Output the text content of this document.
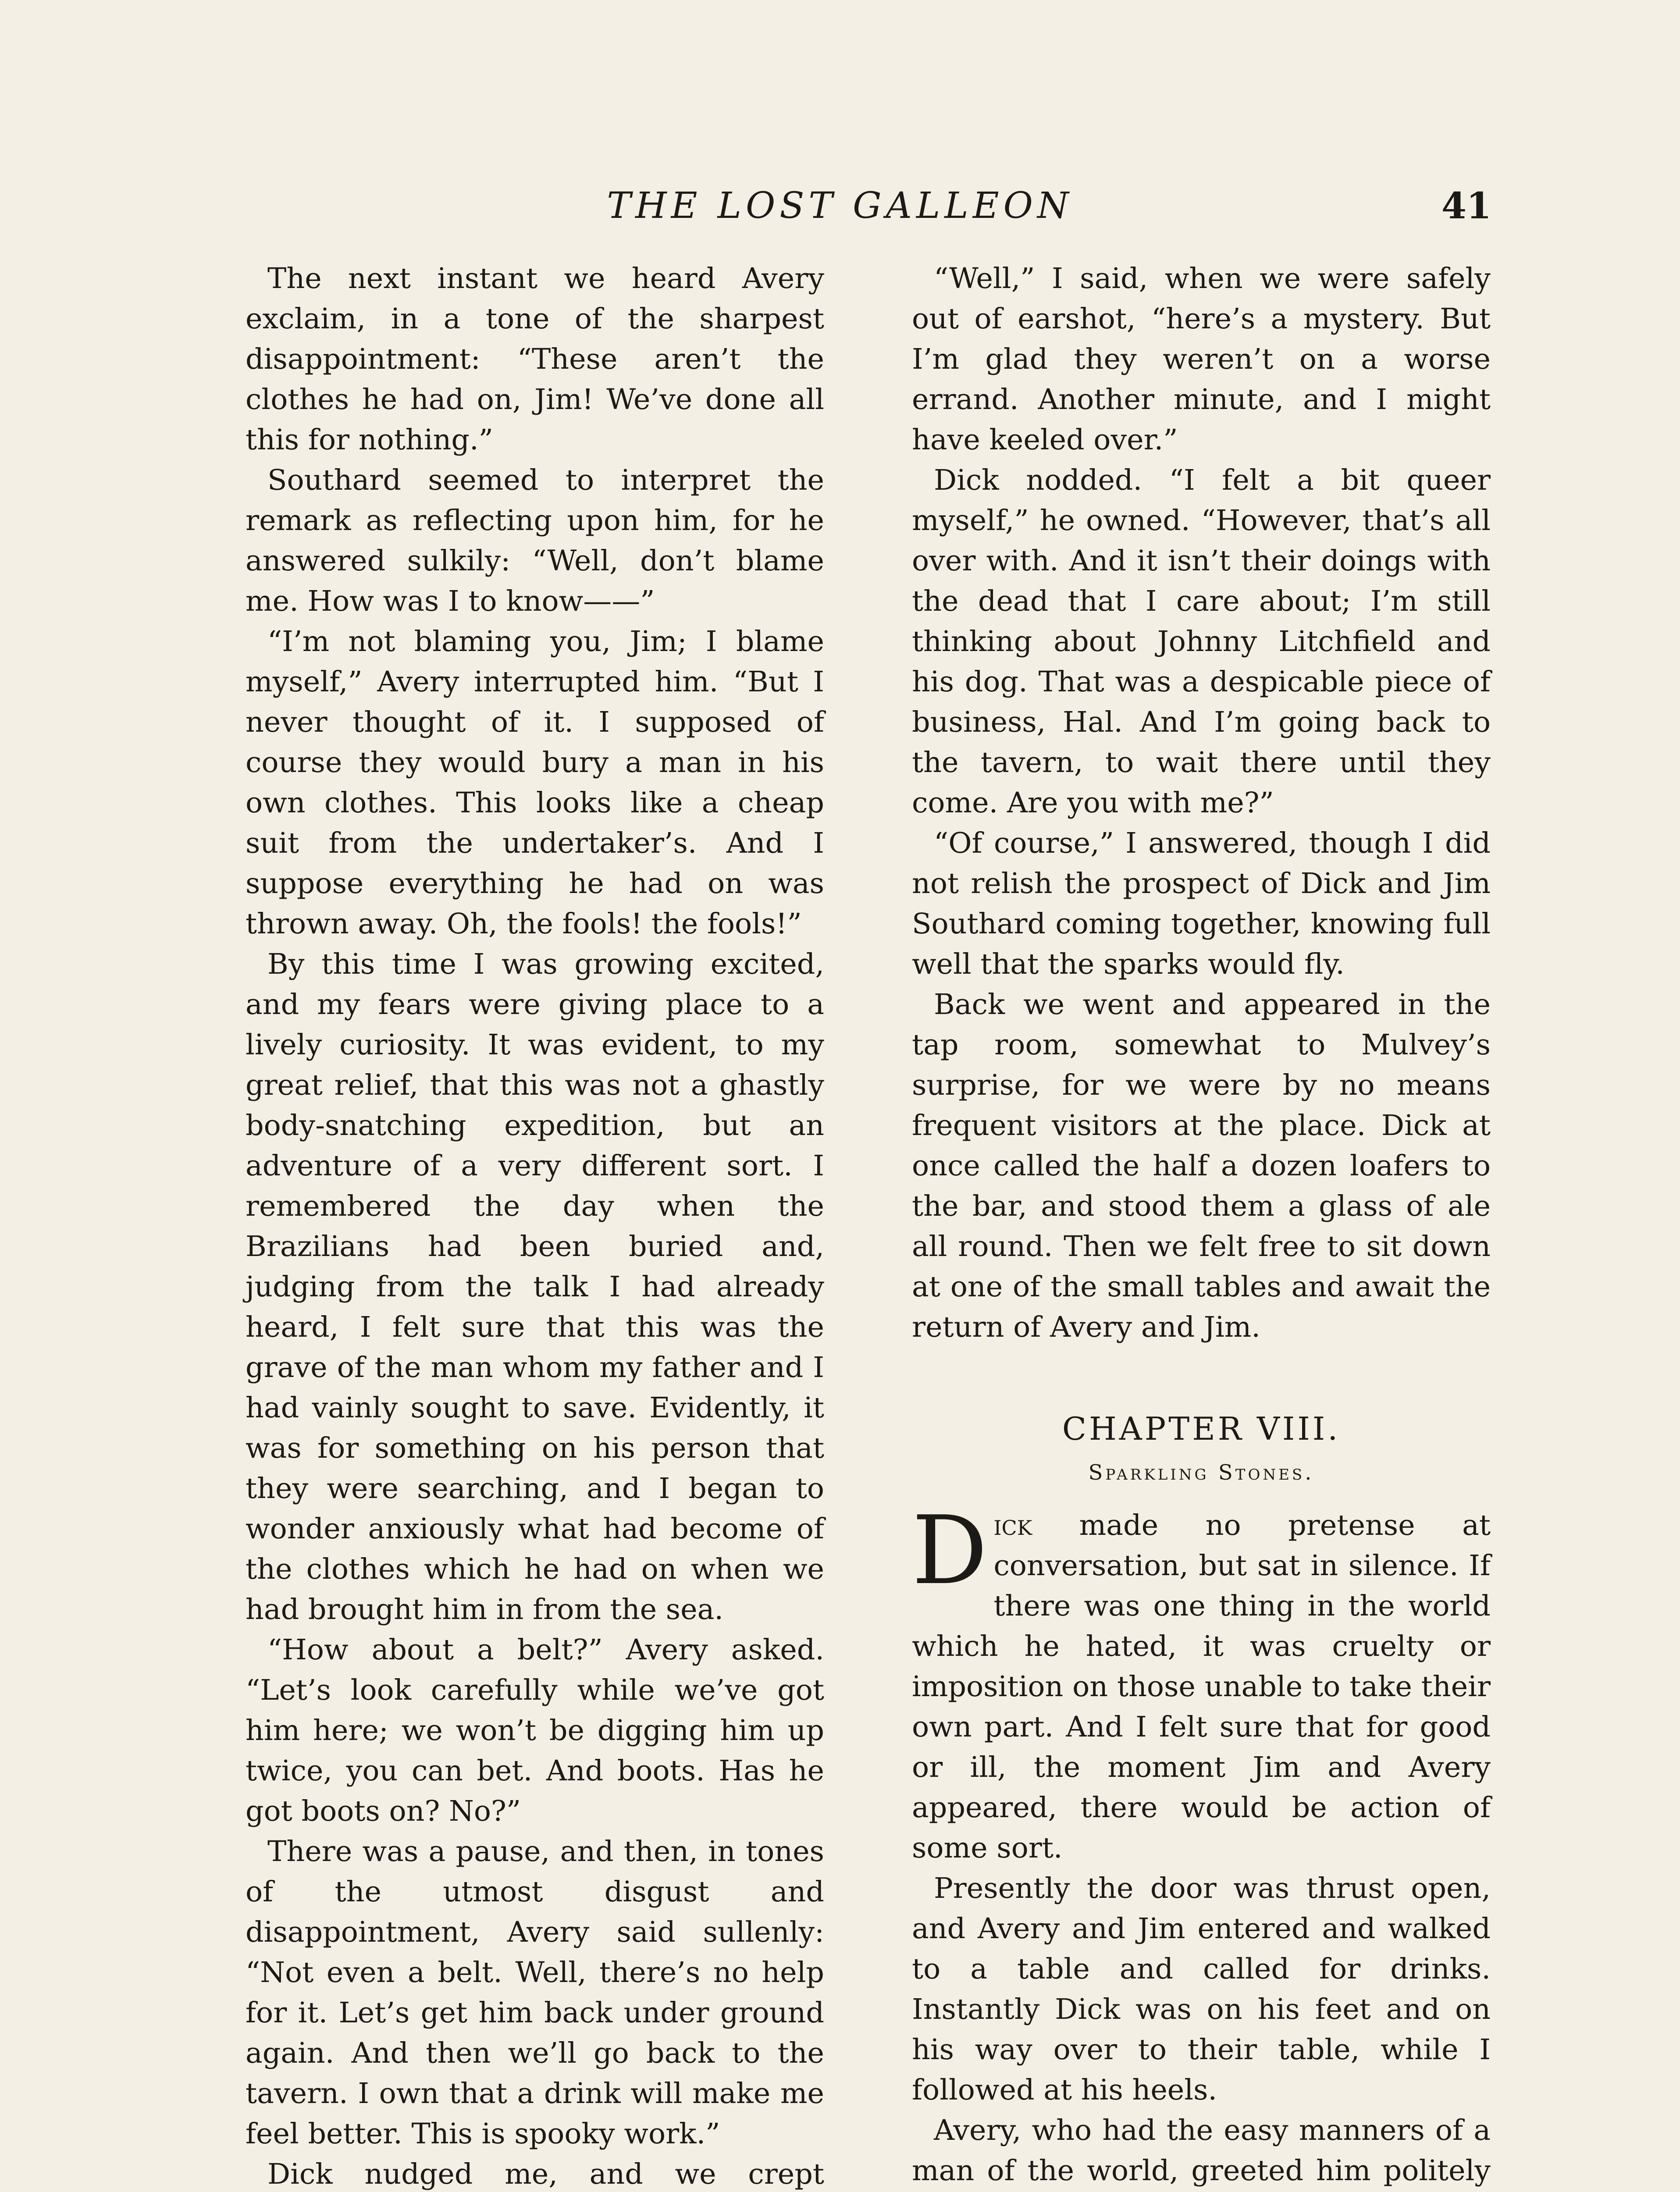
THE LOST GALLEON	41

The next instant we heard Avery exclaim, in a tone of the sharpest disappointment: “These aren’t the clothes he had on, Jim! We’ve done all this for nothing.”

Southard seemed to interpret the remark as reflecting upon him, for he answered sulkily: “Well, don’t blame me. How was I to know——”

“I’m not blaming you, Jim; I blame myself,” Avery interrupted him. “But I never thought of it. I supposed of course they would bury a man in his own clothes. This looks like a cheap suit from the undertaker’s. And I suppose everything he had on was thrown away. Oh, the fools! the fools!”

By this time I was growing excited, and my fears were giving place to a lively curiosity. It was evident, to my great relief, that this was not a ghastly body-snatching expedition, but an adventure of a very different sort. I remembered the day when the Brazilians had been buried and, judging from the talk I had already heard, I felt sure that this was the grave of the man whom my father and I had vainly sought to save. Evidently, it was for something on his person that they were searching, and I began to wonder anxiously what had become of the clothes which he had on when we had brought him in from the sea.

“How about a belt?” Avery asked. “Let’s look carefully while we’ve got him here; we won’t be digging him up twice, you can bet. And boots. Has he got boots on? No?”

There was a pause, and then, in tones of the utmost disgust and disappointment, Avery said sullenly: “Not even a belt. Well, there’s no help for it. Let’s get him back under ground again. And then we’ll go back to the tavern. I own that a drink will make me feel better. This is spooky work.”

Dick nudged me, and we crept

“Well,” I said, when we were safely out of earshot, “here’s a mystery. But I’m glad they weren’t on a worse errand. Another minute, and I might have keeled over.”

Dick nodded. “I felt a bit queer myself,” he owned. “However, that’s all over with. And it isn’t their doings with the dead that I care about; I’m still thinking about Johnny Litchfield and his dog. That was a despicable piece of business, Hal. And I’m going back to the tavern, to wait there until they come. Are you with me?”

“Of course,” I answered, though I did not relish the prospect of Dick and Jim Southard coming together, knowing full well that the sparks would fly.

Back we went and appeared in the tap room, somewhat to Mulvey’s surprise, for we were by no means frequent visitors at the place. Dick at once called the half a dozen loafers to the bar, and stood them a glass of ale all round. Then we felt free to sit down at one of the small tables and await the return of Avery and Jim.

CHAPTER VIII.
Sparkling Stones.

Dick made no pretense at conversation, but sat in silence. If there was one thing in the world which he hated, it was cruelty or imposition on those unable to take their own part. And I felt sure that for good or ill, the moment Jim and Avery appeared, there would be action of some sort.

Presently the door was thrust open, and Avery and Jim entered and walked to a table and called for drinks. Instantly Dick was on his feet and on his way over to their table, while I followed at his heels.

Avery, who had the easy manners of a man of the world, greeted him politely
